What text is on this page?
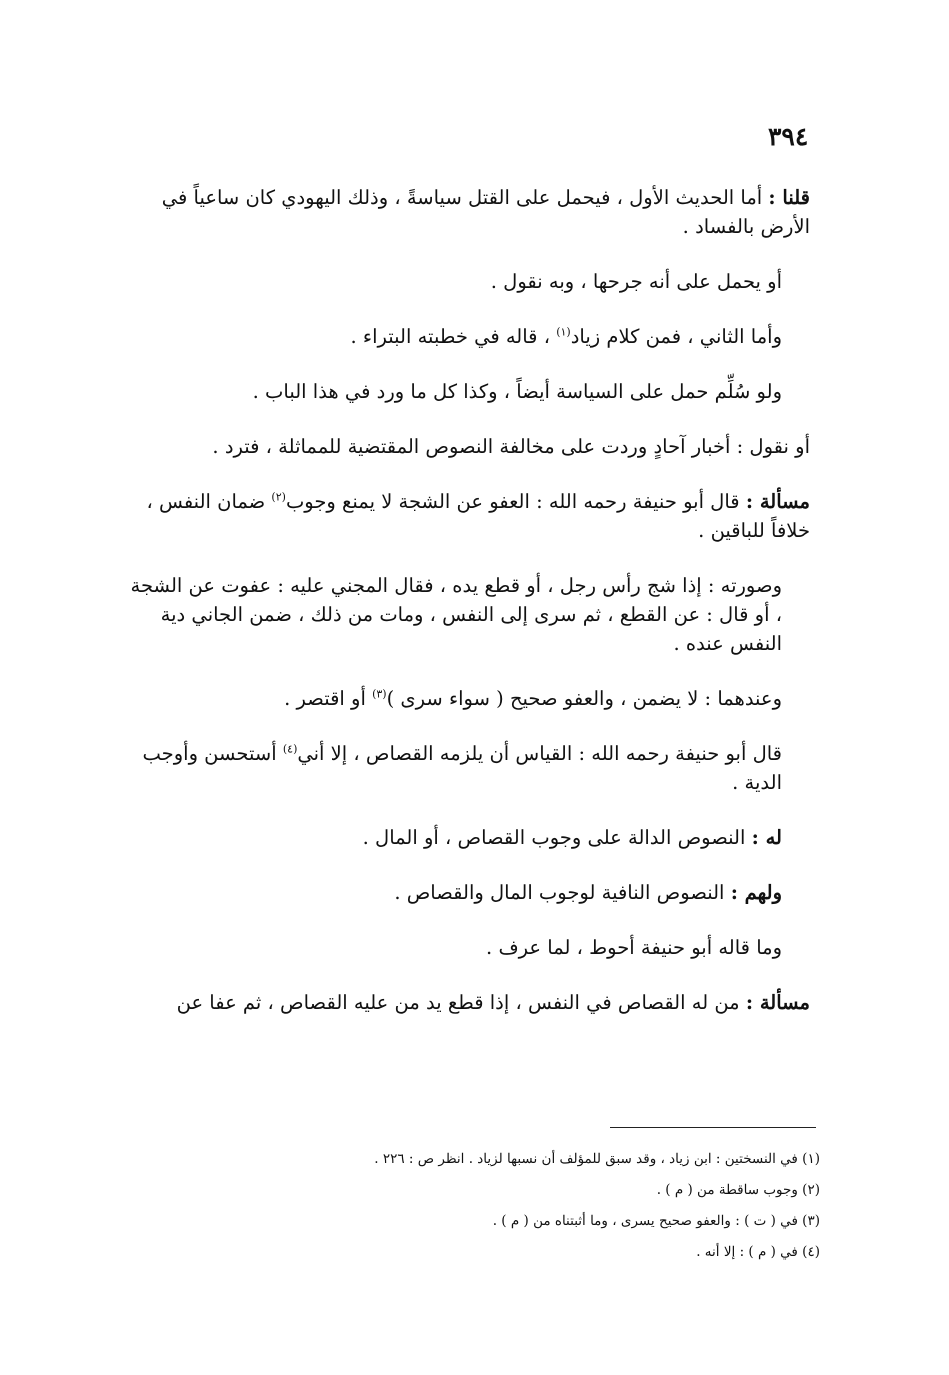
٣٩٤

قلنا : أما الحديث الأول ، فيحمل على القتل سياسةً ، وذلك اليهودي كان ساعياً في الأرض بالفساد .

أو يحمل على أنه جرحها ، وبه نقول .

وأما الثاني ، فمن كلام زياد$^{(١)}$ ، قاله في خطبته البتراء .

ولو سُلِّم حمل على السياسة أيضاً ، وكذا كل ما ورد في هذا الباب .

أو نقول : أخبار آحادٍ وردت على مخالفة النصوص المقتضية للمماثلة ، فترد .

مسألة : قال أبو حنيفة رحمه الله : العفو عن الشجة لا يمنع وجوب$^{(٢)}$ ضمان النفس ، خلافاً للباقين .

وصورته : إذا شج رأس رجل ، أو قطع يده ، فقال المجني عليه : عفوت عن الشجة ، أو قال : عن القطع ، ثم سرى إلى النفس ، ومات من ذلك ، ضمن الجاني دية النفس عنده .

وعندهما : لا يضمن ، والعفو صحيح ( سواء سرى )$^{(٣)}$ أو اقتصر .

قال أبو حنيفة رحمه الله : القياس أن يلزمه القصاص ، إلا أني$^{(٤)}$ أستحسن وأوجب الدية .

له : النصوص الدالة على وجوب القصاص ، أو المال .

ولهم : النصوص النافية لوجوب المال والقصاص .

وما قاله أبو حنيفة أحوط ، لما عرف .

مسألة : من له القصاص في النفس ، إذا قطع يد من عليه القصاص ، ثم عفا عن

(١) في النسختين : ابن زياد ، وقد سبق للمؤلف أن نسبها لزياد . انظر ص : ٢٢٦ .

(٢) وجوب ساقطة من ( م ) .

(٣) في ( ت ) : والعفو صحيح يسرى ، وما أثبتناه من ( م ) .

(٤) في ( م ) : إلا أنه .
